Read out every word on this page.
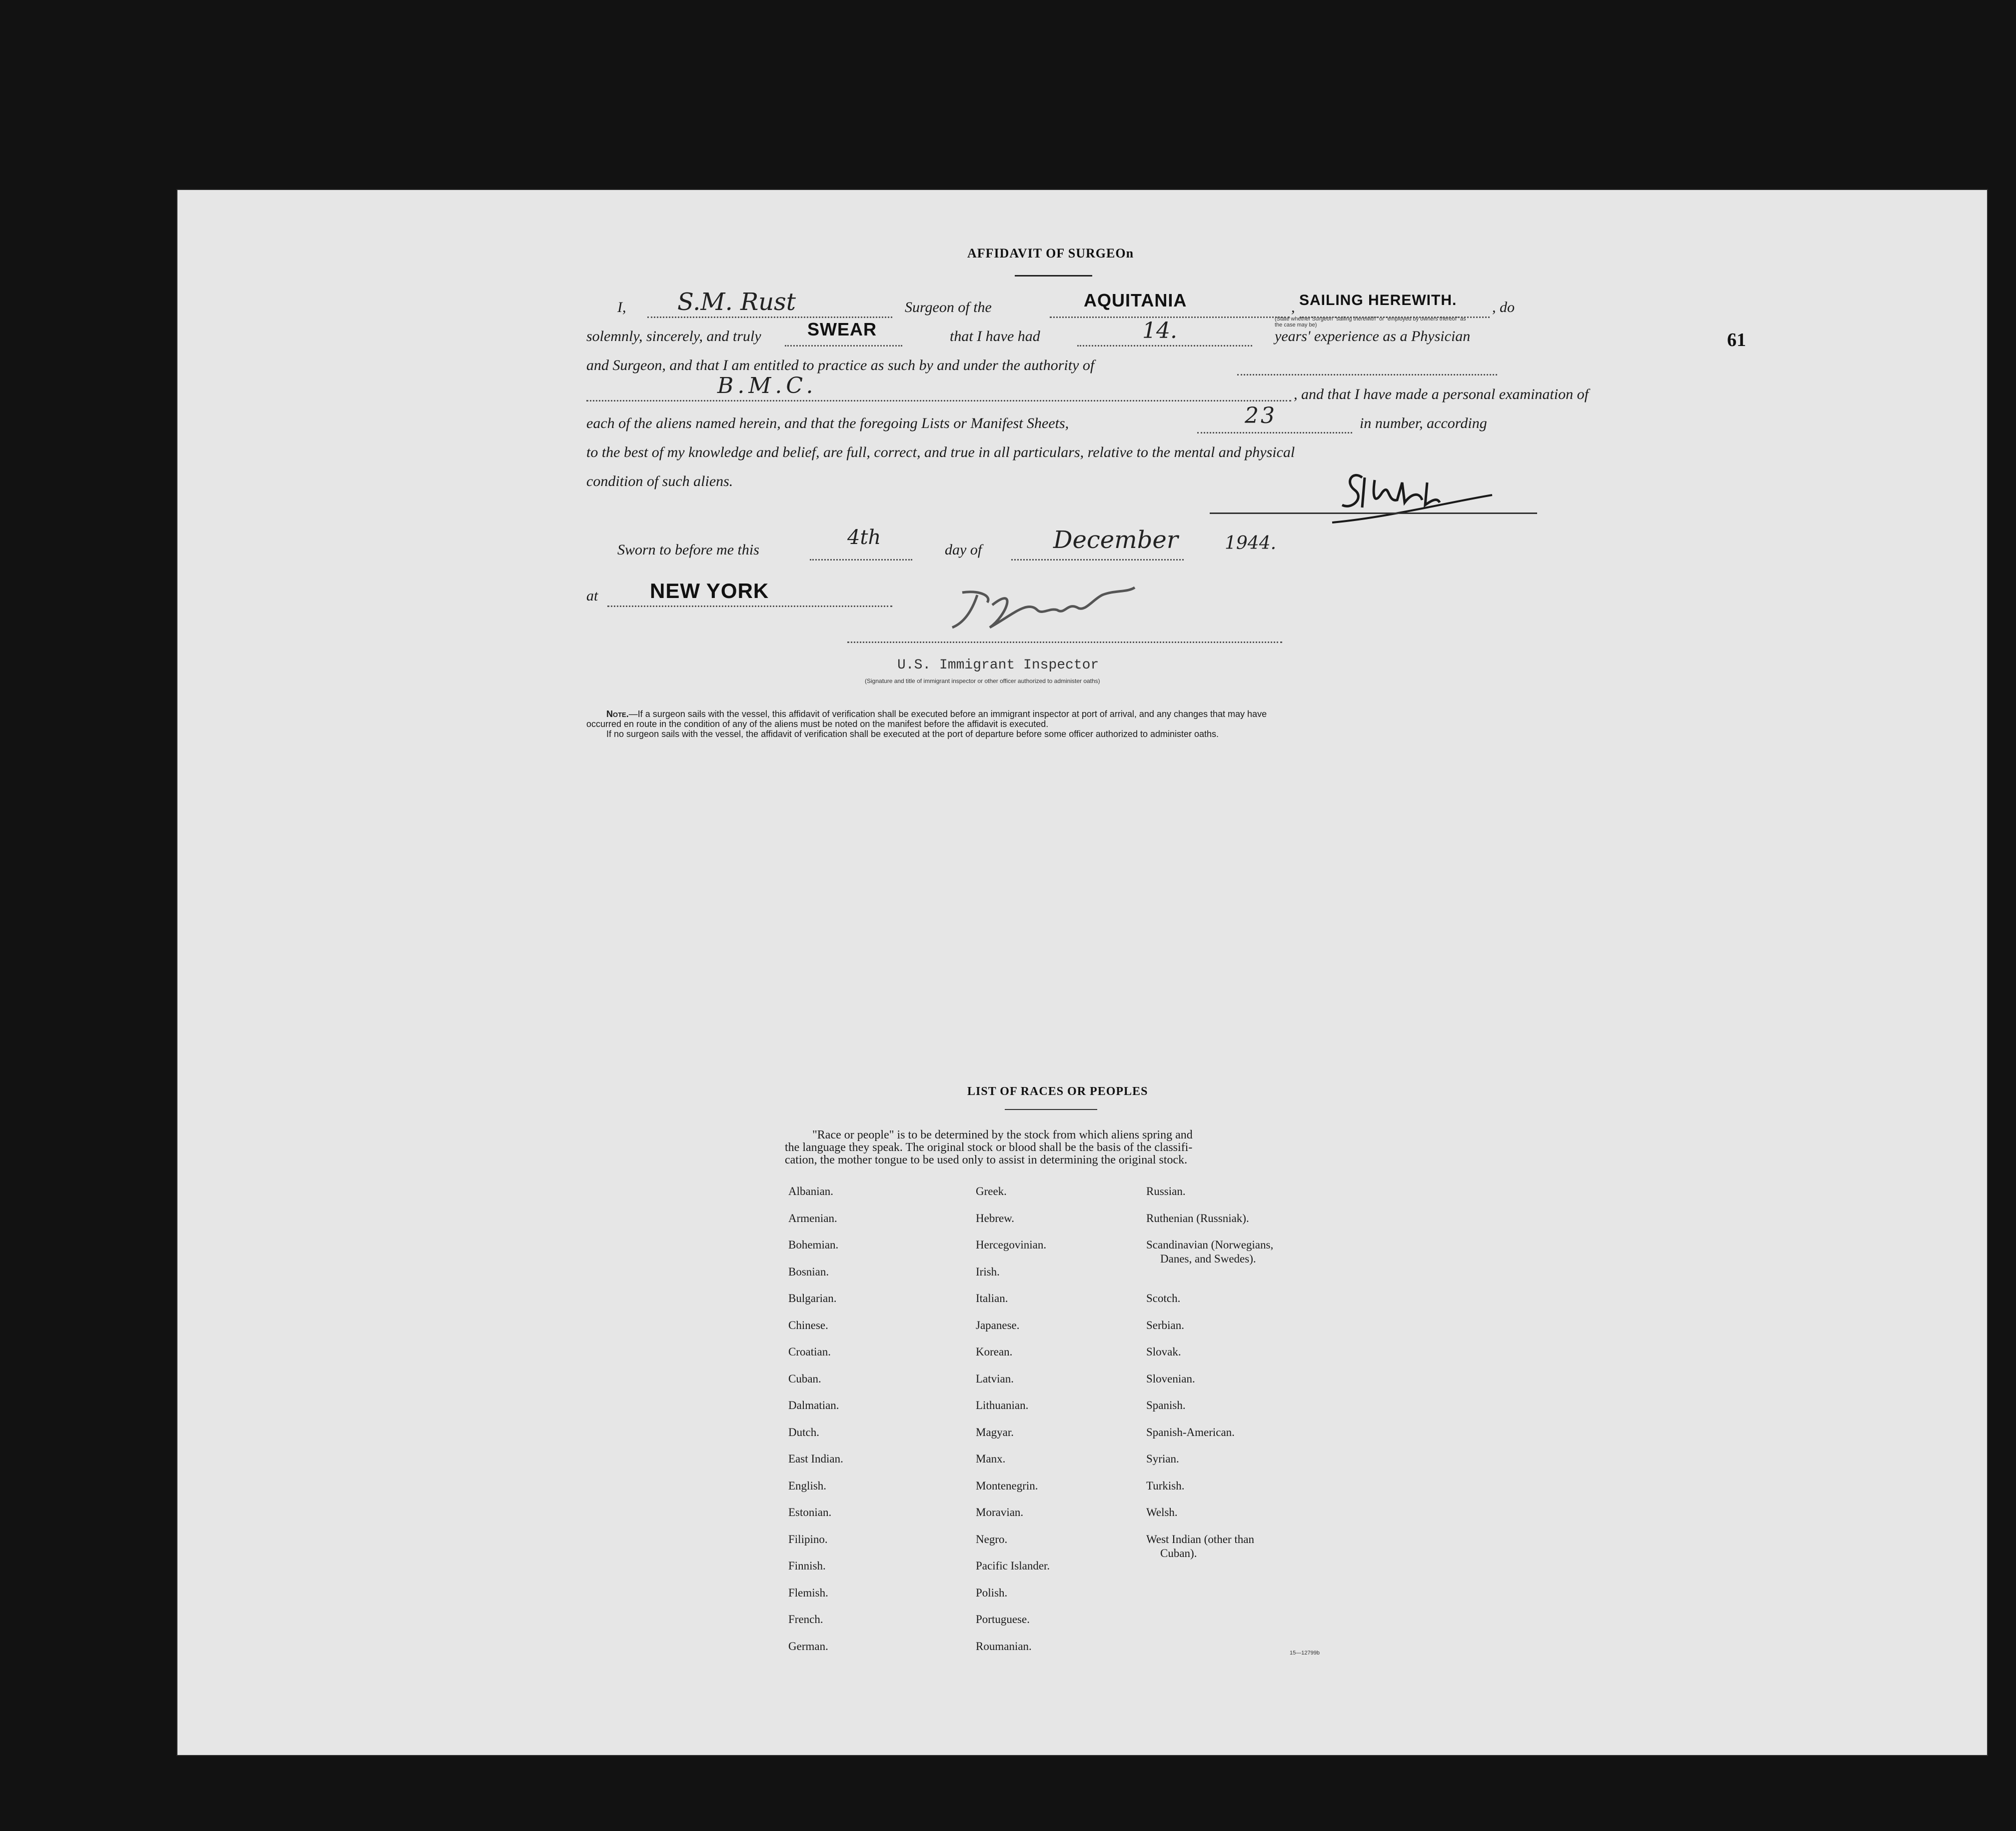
AFFIDAVIT OF SURGEOn
61
I, S.M. Rust	Surgeon of the	AQUITANIA	, SAILING HEREWITH. , do
(State whether Surgeon "sailing therewith" or "employed by owners thereof" as the case may be)
solemnly, sincerely, and truly	SWEAR	that I have had	14.	years' experience as a Physician
and Surgeon, and that I am entitled to practice as such by and under the authority of
B.M.C.	, and that I have made a personal examination of
each of the aliens named herein, and that the foregoing Lists or Manifest Sheets,	23	in number, according
to the best of my knowledge and belief, are full, correct, and true in all particulars, relative to the mental and physical
condition of such aliens.
Sworn to before me this
4th
day of	December	1944.
at NEW YORK
U.S. Immigrant Inspector
(Signature and title of immigrant inspector or other officer authorized to administer oaths)
Note.—If a surgeon sails with the vessel, this affidavit of verification shall be executed before an immigrant inspector at port of arrival, and any changes that may have
occurred en route in the condition of any of the aliens must be noted on the manifest before the affidavit is executed.
If no surgeon sails with the vessel, the affidavit of verification shall be executed at the port of departure before some officer authorized to administer oaths.
LIST OF RACES OR PEOPLES
"Race or people" is to be determined by the stock from which aliens spring and
the language they speak. The original stock or blood shall be the basis of the classifi-
cation, the mother tongue to be used only to assist in determining the original stock.
Albanian.
Armenian.
Bohemian.
Bosnian.
Bulgarian.
Chinese.
Croatian.
Cuban.
Dalmatian.
Dutch.
East Indian.
English.
Estonian.
Filipino.
Finnish.
Flemish.
French.
German.
Greek.
Hebrew.
Hercegovinian.
Irish.
Italian.
Japanese.
Korean.
Latvian.
Lithuanian.
Magyar.
Manx.
Montenegrin.
Moravian.
Negro.
Pacific Islander.
Polish.
Portuguese.
Roumanian.
Russian.
Ruthenian (Russniak).
Scandinavian (Norwegians,
Danes, and Swedes).
Scotch.
Serbian.
Slovak.
Slovenian.
Spanish.
Spanish-American.
Syrian.
Turkish.
Welsh.
West Indian (other than
Cuban).
15—12799b
